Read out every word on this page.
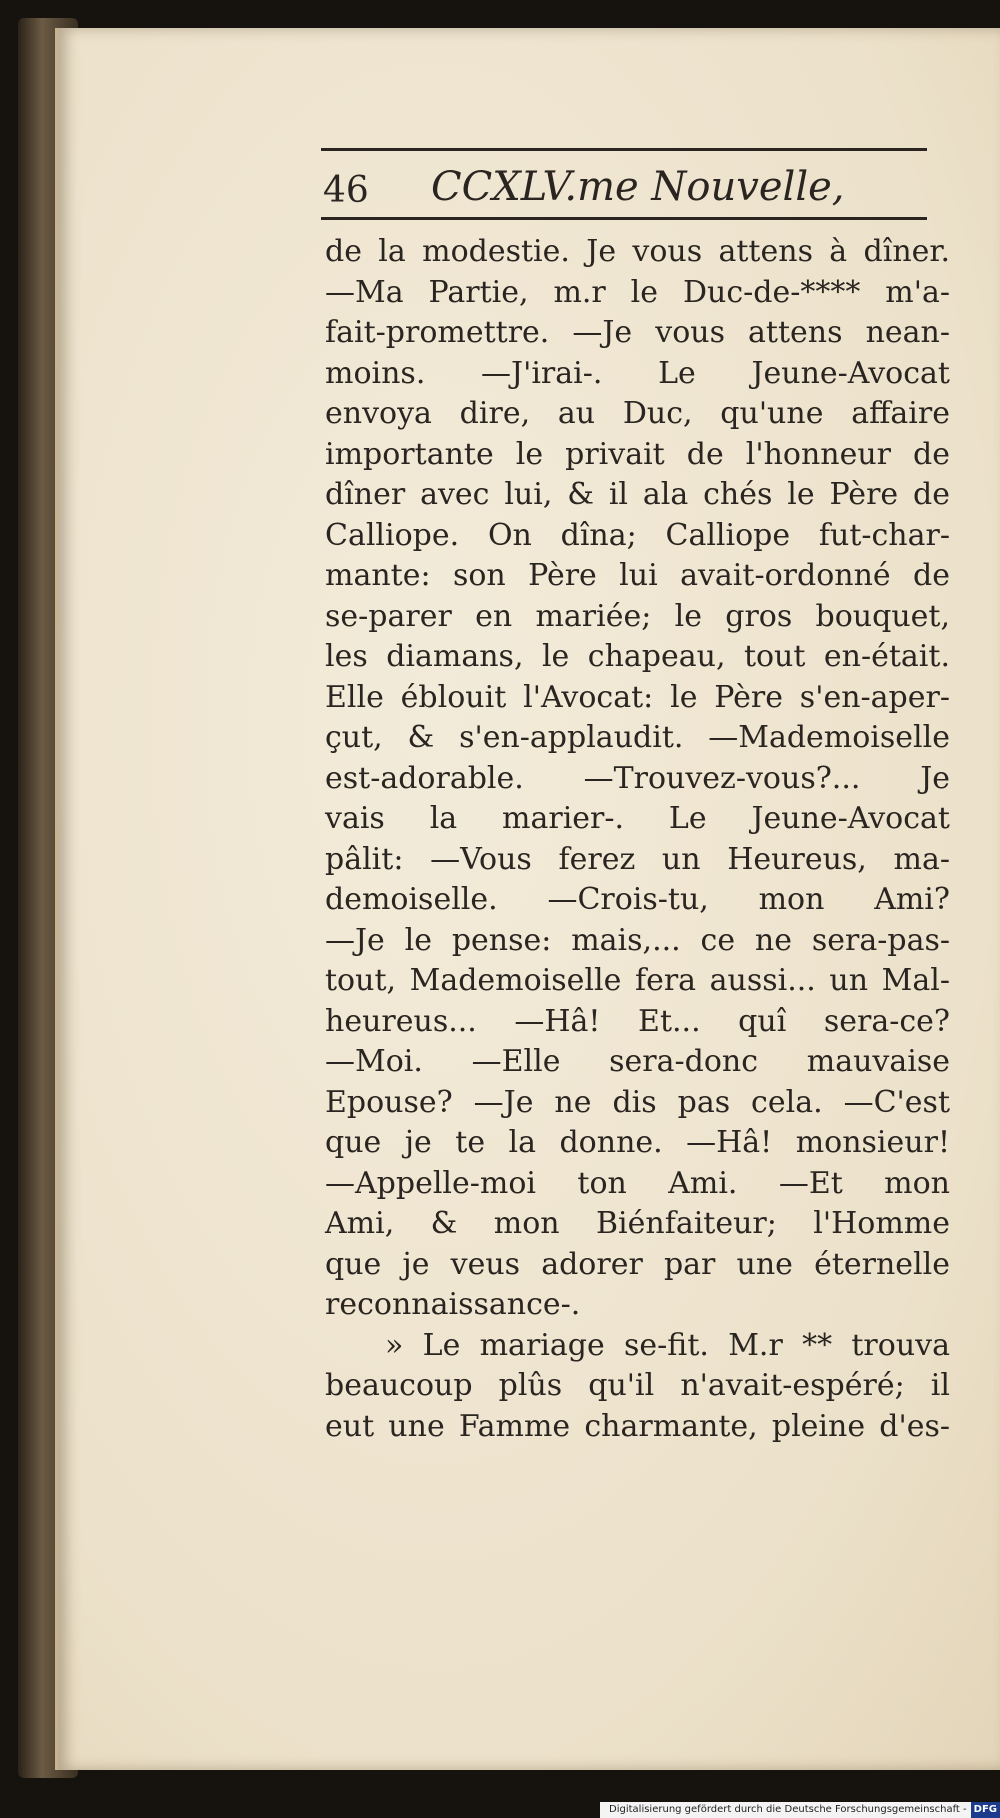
46 CCXLV.me Nouvelle,
de la modestie. Je vous attens à dîner.
—Ma Partie, m.r le Duc-de-**** m'a-
fait-promettre. —Je vous attens nean-
moins. —J'irai-. Le Jeune-Avocat
envoya dire, au Duc, qu'une affaire
importante le privait de l'honneur de
dîner avec lui, & il ala chés le Père de
Calliope. On dîna; Calliope fut-char-
mante: son Père lui avait-ordonné de
se-parer en mariée; le gros bouquet,
les diamans, le chapeau, tout en-était.
Elle éblouit l'Avocat: le Père s'en-aper-
çut, & s'en-applaudit. —Mademoiselle
est-adorable. —Trouvez-vous?... Je
vais la marier-. Le Jeune-Avocat
pâlit: —Vous ferez un Heureus, ma-
demoiselle. —Crois-tu, mon Ami?
—Je le pense: mais,... ce ne sera-pas-
tout, Mademoiselle fera aussi... un Mal-
heureus... —Hâ! Et... quî sera-ce?
—Moi. —Elle sera-donc mauvaise
Epouse? —Je ne dis pas cela. —C'est
que je te la donne. —Hâ! monsieur!
—Appelle-moi ton Ami. —Et mon
Ami, & mon Biénfaiteur; l'Homme
que je veus adorer par une éternelle
reconnaissance-.
» Le mariage se-fit. M.r ** trouva
beaucoup plûs qu'il n'avait-espéré; il
eut une Famme charmante, pleine d'es-
Digitalisierung gefördert durch die Deutsche Forschungsgemeinschaft - DFG
